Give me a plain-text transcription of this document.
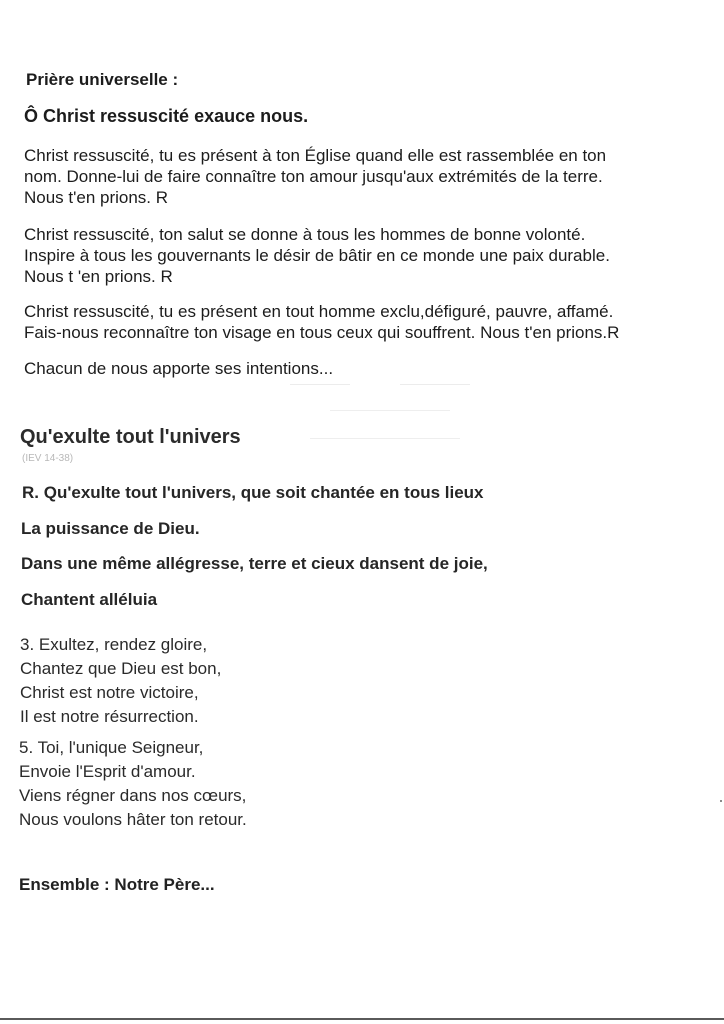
Prière universelle :

Ô Christ ressuscité exauce nous.

Christ ressuscité, tu es présent à ton Église quand elle est rassemblée en ton
nom. Donne-lui de faire connaître ton amour jusqu'aux extrémités de la terre.
Nous t'en prions. R
Christ ressuscité, ton salut se donne à tous les hommes de bonne volonté.
Inspire à tous les gouvernants le désir de bâtir en ce monde une paix durable.
Nous t 'en prions. R
Christ ressuscité, tu es présent en tout homme exclu,défiguré, pauvre, affamé.
Fais-nous reconnaître ton visage en tous ceux qui souffrent. Nous t'en prions.R

Chacun de nous apporte ses intentions...

Qu'exulte tout l'univers

(IEV 14-38)

R. Qu'exulte tout l'univers, que soit chantée en tous lieux

La puissance de Dieu.

Dans une même allégresse, terre et cieux dansent de joie,

Chantent alléluia

3. Exultez, rendez gloire,
Chantez que Dieu est bon,
Christ est notre victoire,
Il est notre résurrection.
5. Toi, l'unique Seigneur,
Envoie l'Esprit d'amour.
Viens régner dans nos cœurs,
Nous voulons hâter ton retour.

Ensemble : Notre Père...
